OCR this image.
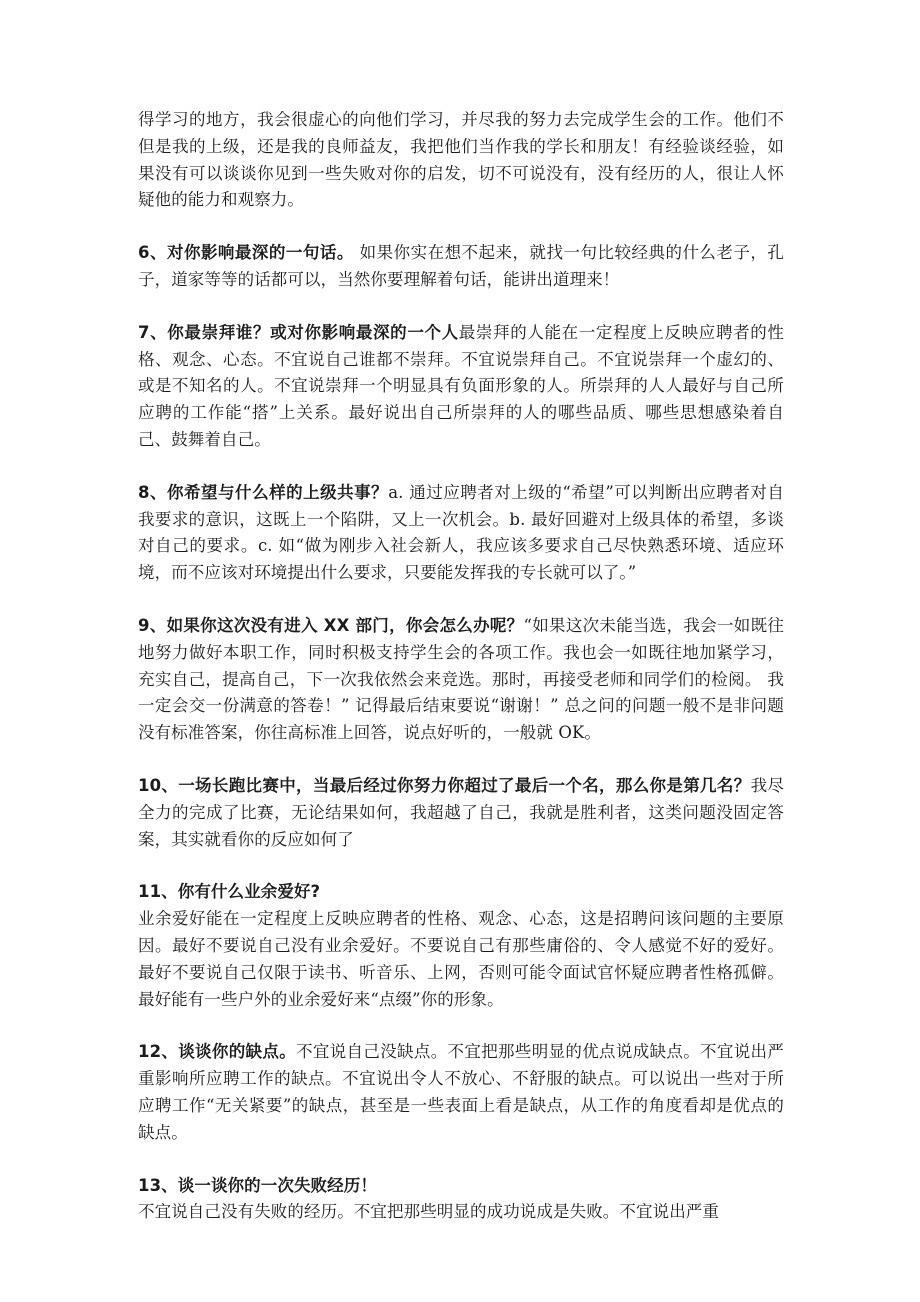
得学习的地方，我会很虚心的向他们学习，并尽我的努力去完成学生会的工作。他们不但是我的上级，还是我的良师益友，我把他们当作我的学长和朋友！有经验谈经验，如果没有可以谈谈你见到一些失败对你的启发，切不可说没有，没有经历的人，很让人怀疑他的能力和观察力。

6、对你影响最深的一句话。 如果你实在想不起来，就找一句比较经典的什么老子，孔子，道家等等的话都可以，当然你要理解着句话，能讲出道理来！

7、你最崇拜谁？或对你影响最深的一个人最崇拜的人能在一定程度上反映应聘者的性格、观念、心态。不宜说自己谁都不崇拜。不宜说崇拜自己。不宜说崇拜一个虚幻的、或是不知名的人。不宜说崇拜一个明显具有负面形象的人。所崇拜的人人最好与自己所应聘的工作能“搭”上关系。最好说出自己所崇拜的人的哪些品质、哪些思想感染着自己、鼓舞着自己。

8、你希望与什么样的上级共事？a. 通过应聘者对上级的“希望”可以判断出应聘者对自我要求的意识，这既上一个陷阱，又上一次机会。b. 最好回避对上级具体的希望，多谈对自己的要求。c. 如“做为刚步入社会新人，我应该多要求自己尽快熟悉环境、适应环境，而不应该对环境提出什么要求，只要能发挥我的专长就可以了。”

9、如果你这次没有进入 XX 部门，你会怎么办呢？“如果这次未能当选，我会一如既往地努力做好本职工作，同时积极支持学生会的各项工作。我也会一如既往地加紧学习，充实自己，提高自己，下一次我依然会来竞选。那时，再接受老师和同学们的检阅。 我一定会交一份满意的答卷！” 记得最后结束要说“谢谢！” 总之问的问题一般不是非问题没有标准答案，你往高标准上回答，说点好听的，一般就 OK。

10、一场长跑比赛中，当最后经过你努力你超过了最后一个名，那么你是第几名？我尽全力的完成了比赛，无论结果如何，我超越了自己，我就是胜利者，这类问题没固定答案，其实就看你的反应如何了

11、你有什么业余爱好?
业余爱好能在一定程度上反映应聘者的性格、观念、心态，这是招聘问该问题的主要原因。最好不要说自己没有业余爱好。不要说自己有那些庸俗的、令人感觉不好的爱好。最好不要说自己仅限于读书、听音乐、上网，否则可能令面试官怀疑应聘者性格孤僻。最好能有一些户外的业余爱好来“点缀”你的形象。

12、谈谈你的缺点。不宜说自己没缺点。不宜把那些明显的优点说成缺点。不宜说出严重影响所应聘工作的缺点。不宜说出令人不放心、不舒服的缺点。可以说出一些对于所应聘工作“无关紧要”的缺点，甚至是一些表面上看是缺点，从工作的角度看却是优点的缺点。

13、谈一谈你的一次失败经历！
不宜说自己没有失败的经历。不宜把那些明显的成功说成是失败。不宜说出严重
